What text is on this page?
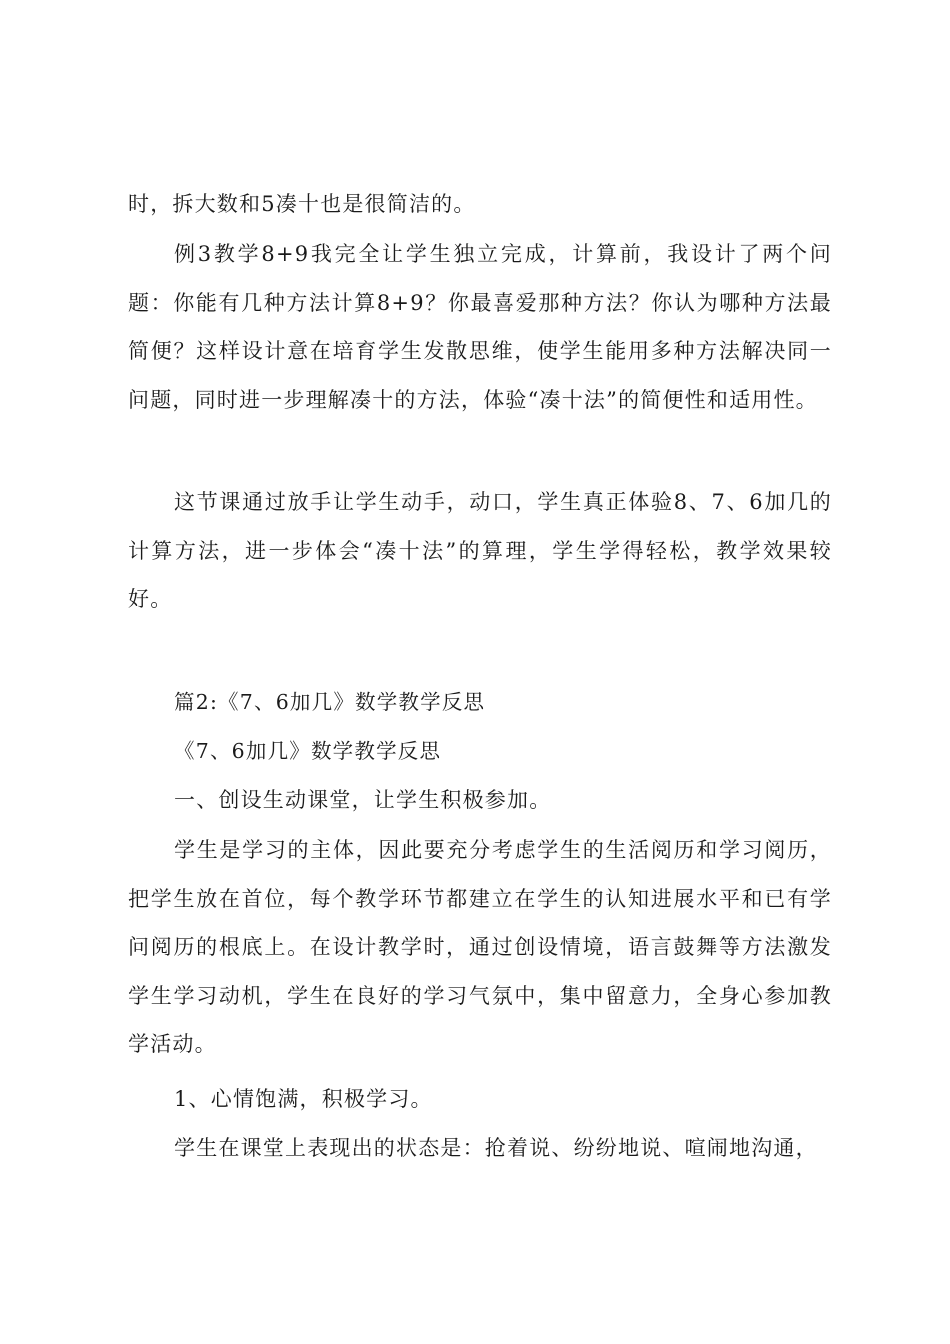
时，拆大数和5凑十也是很简洁的。

例3教学8+9我完全让学生独立完成，计算前，我设计了两个问题：你能有几种方法计算8+9？你最喜爱那种方法？你认为哪种方法最简便？这样设计意在培育学生发散思维，使学生能用多种方法解决同一问题，同时进一步理解凑十的方法，体验“凑十法”的简便性和适用性。

这节课通过放手让学生动手，动口，学生真正体验8、7、6加几的计算方法，进一步体会“凑十法”的算理，学生学得轻松，教学效果较好。

篇2:《7、6加几》数学教学反思

《7、6加几》数学教学反思

一、创设生动课堂，让学生积极参加。

学生是学习的主体，因此要充分考虑学生的生活阅历和学习阅历，把学生放在首位，每个教学环节都建立在学生的认知进展水平和已有学问阅历的根底上。在设计教学时，通过创设情境，语言鼓舞等方法激发学生学习动机，学生在良好的学习气氛中，集中留意力，全身心参加教学活动。

1、心情饱满，积极学习。

学生在课堂上表现出的状态是：抢着说、纷纷地说、喧闹地沟通，
